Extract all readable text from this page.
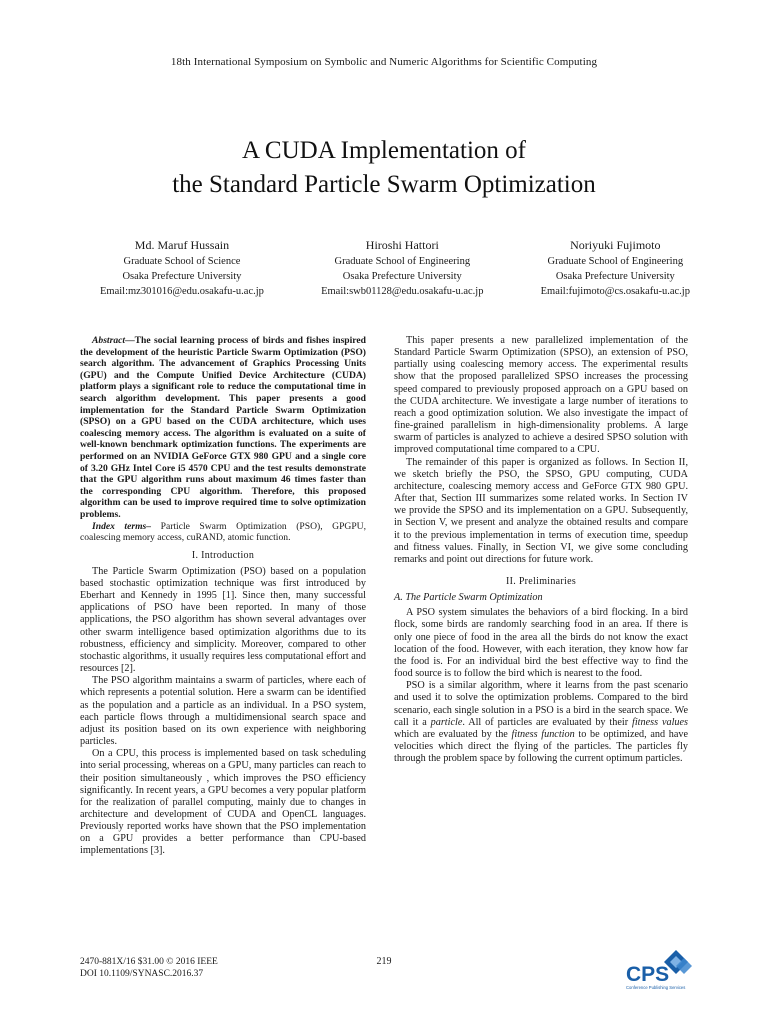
18th International Symposium on Symbolic and Numeric Algorithms for Scientific Computing
A CUDA Implementation of
the Standard Particle Swarm Optimization
Md. Maruf Hussain
Graduate School of Science
Osaka Prefecture University
Email:mz301016@edu.osakafu-u.ac.jp
Hiroshi Hattori
Graduate School of Engineering
Osaka Prefecture University
Email:swb01128@edu.osakafu-u.ac.jp
Noriyuki Fujimoto
Graduate School of Engineering
Osaka Prefecture University
Email:fujimoto@cs.osakafu-u.ac.jp

Abstract—The social learning process of birds and fishes inspired the development of the heuristic Particle Swarm Optimization (PSO) search algorithm. The advancement of Graphics Processing Units (GPU) and the Compute Unified Device Architecture (CUDA) platform plays a significant role to reduce the computational time in search algorithm development. This paper presents a good implementation for the Standard Particle Swarm Optimization (SPSO) on a GPU based on the CUDA architecture, which uses coalescing memory access. The algorithm is evaluated on a suite of well-known benchmark optimization functions. The experiments are performed on an NVIDIA GeForce GTX 980 GPU and a single core of 3.20 GHz Intel Core i5 4570 CPU and the test results demonstrate that the GPU algorithm runs about maximum 46 times faster than the corresponding CPU algorithm. Therefore, this proposed algorithm can be used to improve required time to solve optimization problems.

Index terms– Particle Swarm Optimization (PSO), GPGPU, coalescing memory access, cuRAND, atomic function.

I. Introduction

The Particle Swarm Optimization (PSO) based on a population based stochastic optimization technique was first introduced by Eberhart and Kennedy in 1995 [1]. Since then, many successful applications of PSO have been reported. In many of those applications, the PSO algorithm has shown several advantages over other swarm intelligence based optimization algorithms due to its robustness, efficiency and simplicity. Moreover, compared to other stochastic algorithms, it usually requires less computational effort and resources [2].

The PSO algorithm maintains a swarm of particles, where each of which represents a potential solution. Here a swarm can be identified as the population and a particle as an individual. In a PSO system, each particle flows through a multidimensional search space and adjust its position based on its own experience with neighboring particles.

On a CPU, this process is implemented based on task scheduling into serial processing, whereas on a GPU, many particles can reach to their position simultaneously , which improves the PSO efficiency significantly. In recent years, a GPU becomes a very popular platform for the realization of parallel computing, mainly due to changes in architecture and development of CUDA and OpenCL languages. Previously reported works have shown that the PSO implementation on a GPU provides a better performance than CPU-based implementations [3].

This paper presents a new parallelized implementation of the Standard Particle Swarm Optimization (SPSO), an extension of PSO, partially using coalescing memory access. The experimental results show that the proposed parallelized SPSO increases the processing speed compared to previously proposed approach on a GPU based on the CUDA architecture. We investigate a large number of iterations to reach a good optimization solution. We also investigate the impact of fine-grained parallelism in high-dimensionality problems. A large swarm of particles is analyzed to achieve a desired SPSO solution with improved computational time compared to a CPU.

The remainder of this paper is organized as follows. In Section II, we sketch briefly the PSO, the SPSO, GPU computing, CUDA architecture, coalescing memory access and GeForce GTX 980 GPU. After that, Section III summarizes some related works. In Section IV we provide the SPSO and its implementation on a GPU. Subsequently, in Section V, we present and analyze the obtained results and compare it to the previous implementation in terms of execution time, speedup and fitness values. Finally, in Section VI, we give some concluding remarks and point out directions for future work.

II. Preliminaries
A. The Particle Swarm Optimization

A PSO system simulates the behaviors of a bird flocking. In a bird flock, some birds are randomly searching food in an area. If there is only one piece of food in the area all the birds do not know the exact location of the food. However, with each iteration, they know how far the food is. For an individual bird the best effective way to find the food source is to follow the bird which is nearest to the food.

PSO is a similar algorithm, where it learns from the past scenario and used it to solve the optimization problems. Compared to the bird scenario, each single solution in a PSO is a bird in the search space. We call it a particle. All of particles are evaluated by their fitness values which are evaluated by the fitness function to be optimized, and have velocities which direct the flying of the particles. The particles fly through the problem space by following the current optimum particles.

2470-881X/16 $31.00 © 2016 IEEE
DOI 10.1109/SYNASC.2016.37
219
CPS
Conference Publishing Services
